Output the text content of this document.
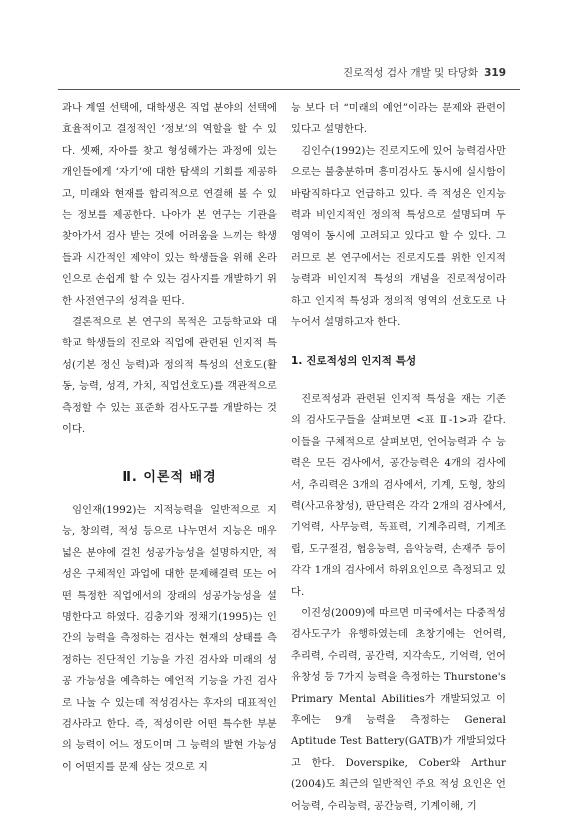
진로적성 검사 개발 및 타당화 319

과나 계열 선택에, 대학생은 직업 분야의 선택에 효율적이고 결정적인 ‘정보’의 역할을 할 수 있다. 셋째, 자아를 찾고 형성해가는 과정에 있는 개인들에게 ‘자기’에 대한 탐색의 기회를 제공하고, 미래와 현재를 합리적으로 연결해 볼 수 있는 정보를 제공한다. 나아가 본 연구는 기관을 찾아가서 검사 받는 것에 어려움을 느끼는 학생들과 시간적인 제약이 있는 학생들을 위해 온라인으로 손쉽게 할 수 있는 검사지를 개발하기 위한 사전연구의 성격을 띤다.

결론적으로 본 연구의 목적은 고등학교와 대학교 학생들의 진로와 직업에 관련된 인지적 특성(기본 정신 능력)과 정의적 특성의 선호도(활동, 능력, 성격, 가치, 직업선호도)를 객관적으로 측정할 수 있는 표준화 검사도구를 개발하는 것이다.

Ⅱ. 이론적 배경

임인재(1992)는 지적능력을 일반적으로 지능, 창의력, 적성 등으로 나누면서 지능은 매우 넓은 분야에 걸친 성공가능성을 설명하지만, 적성은 구체적인 과업에 대한 문제해결력 또는 어떤 특정한 직업에서의 장래의 성공가능성을 설명한다고 하였다. 김충기와 정채기(1995)는 인간의 능력을 측정하는 검사는 현재의 상태를 측정하는 진단적인 기능을 가진 검사와 미래의 성공 가능성을 예측하는 예언적 기능을 가진 검사로 나눌 수 있는데 적성검사는 후자의 대표적인 검사라고 한다. 즉, 적성이란 어떤 특수한 부분의 능력이 어느 정도이며 그 능력의 발현 가능성이 어떤지를 문제 삼는 것으로 지

능 보다 더 “미래의 예언”이라는 문제와 관련이 있다고 설명한다.

김인수(1992)는 진로지도에 있어 능력검사만으로는 불충분하며 흥미검사도 동시에 실시함이 바람직하다고 언급하고 있다. 즉 적성은 인지능력과 비인지적인 정의적 특성으로 설명되며 두 영역이 동시에 고려되고 있다고 할 수 있다. 그러므로 본 연구에서는 진로지도를 위한 인지적 능력과 비인지적 특성의 개념을 진로적성이라 하고 인지적 특성과 정의적 영역의 선호도로 나누어서 설명하고자 한다.

1. 진로적성의 인지적 특성

진로적성과 관련된 인지적 특성을 재는 기존의 검사도구들을 살펴보면 <표 Ⅱ-1>과 같다. 이들을 구체적으로 살펴보면, 언어능력과 수 능력은 모든 검사에서, 공간능력은 4개의 검사에서, 추리력은 3개의 검사에서, 기계, 도형, 창의력(사고유창성), 판단력은 각각 2개의 검사에서, 기억력, 사무능력, 독표력, 기계추리력, 기계조립, 도구절검, 협응능력, 음악능력, 손재주 등이 각각 1개의 검사에서 하위요인으로 측정되고 있다.

이진성(2009)에 따르면 미국에서는 다중적성검사도구가 유행하였는데 초창기에는 언어력, 추리력, 수리력, 공간력, 지각속도, 기억력, 언어 유창성 등 7가지 능력을 측정하는 Thurstone's Primary Mental Abilities가 개발되었고 이후에는 9개 능력을 측정하는 General Aptitude Test Battery(GATB)가 개발되었다고 한다. Doverspike, Cober와 Arthur (2004)도 최근의 일반적인 주요 적성 요인은 언어능력, 수리능력, 공간능력, 기계이해, 기
